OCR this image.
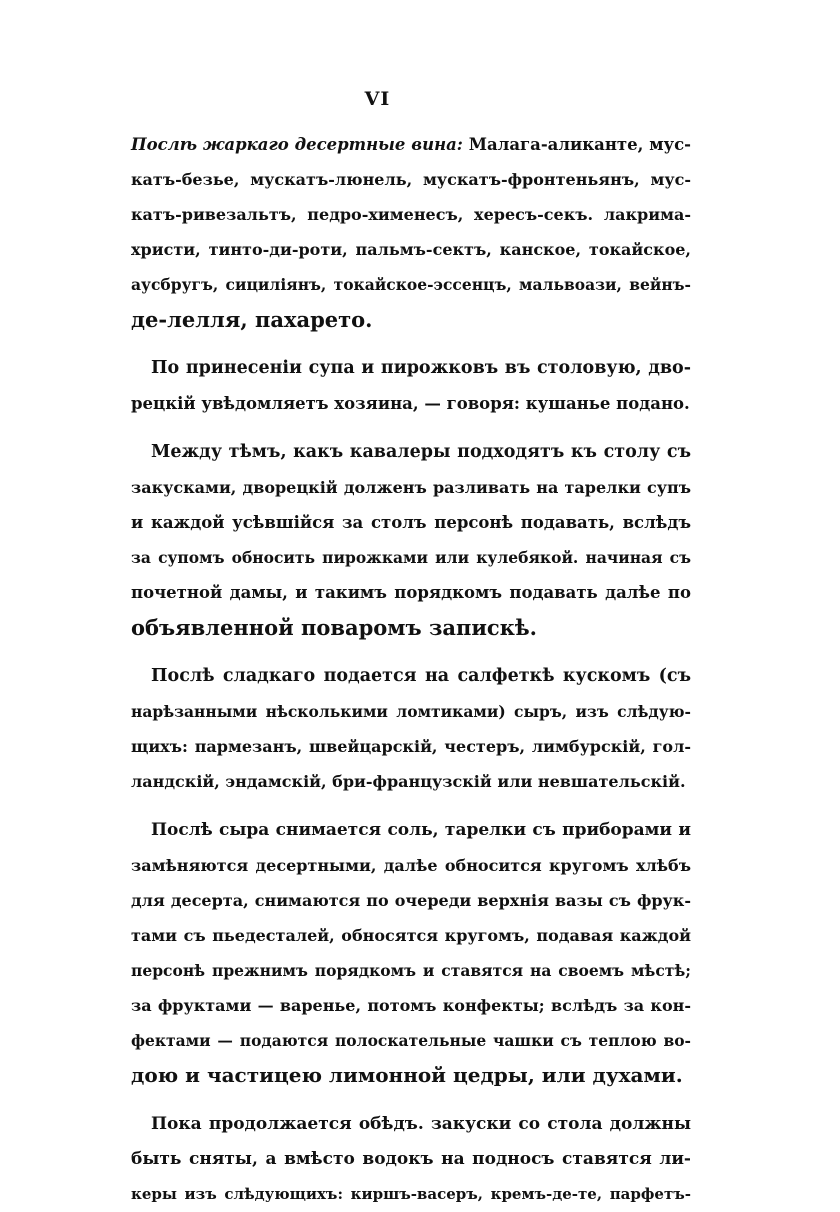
VI
Послѣ жаркаго десертные вина: Малага-аликанте, мус-
катъ-безье, мускатъ-люнель, мускатъ-фронтеньянъ, мус-
катъ-ривезальтъ, педро-хименесъ, хересъ-секъ. лакрима-
христи, тинто-ди-роти, пальмъ-сектъ, канское, токайское,
аусбругъ, сициліянъ, токайское-эссенцъ, мальвоази, вейнъ-
де-лелля, пахарето.
По принесеніи супа и пирожковъ въ столовую, дво-
рецкій увѣдомляетъ хозяина, — говоря: кушанье подано.
Между тѣмъ, какъ кавалеры подходятъ къ столу съ
закусками, дворецкій долженъ разливать на тарелки супъ
и каждой усѣвшійся за столъ персонѣ подавать, вслѣдъ
за супомъ обносить пирожками или кулебякой. начиная съ
почетной дамы, и такимъ порядкомъ подавать далѣе по
объявленной поваромъ запискѣ.
Послѣ сладкаго подается на салфеткѣ кускомъ (съ
нарѣзанными нѣсколькими ломтиками) сыръ, изъ слѣдую-
щихъ: пармезанъ, швейцарскій, честеръ, лимбурскій, гол-
ландскій, эндамскій, бри-французскій или невшательскій.
Послѣ сыра снимается соль, тарелки съ приборами и
замѣняются десертными, далѣе обносится кругомъ хлѣбъ
для десерта, снимаются по очереди верхнія вазы съ фрук-
тами съ пьедесталей, обносятся кругомъ, подавая каждой
персонѣ прежнимъ порядкомъ и ставятся на своемъ мѣстѣ;
за фруктами — варенье, потомъ конфекты; вслѣдъ за кон-
фектами — подаются полоскательные чашки съ теплою во-
дою и частицею лимонной цедры, или духами.
Пока продолжается обѣдъ. закуски со стола должны
быть сняты, а вмѣсто водокъ на подносъ ставятся ли-
керы изъ слѣдующихъ: киршъ-васеръ, кремъ-де-те, парфетъ-
